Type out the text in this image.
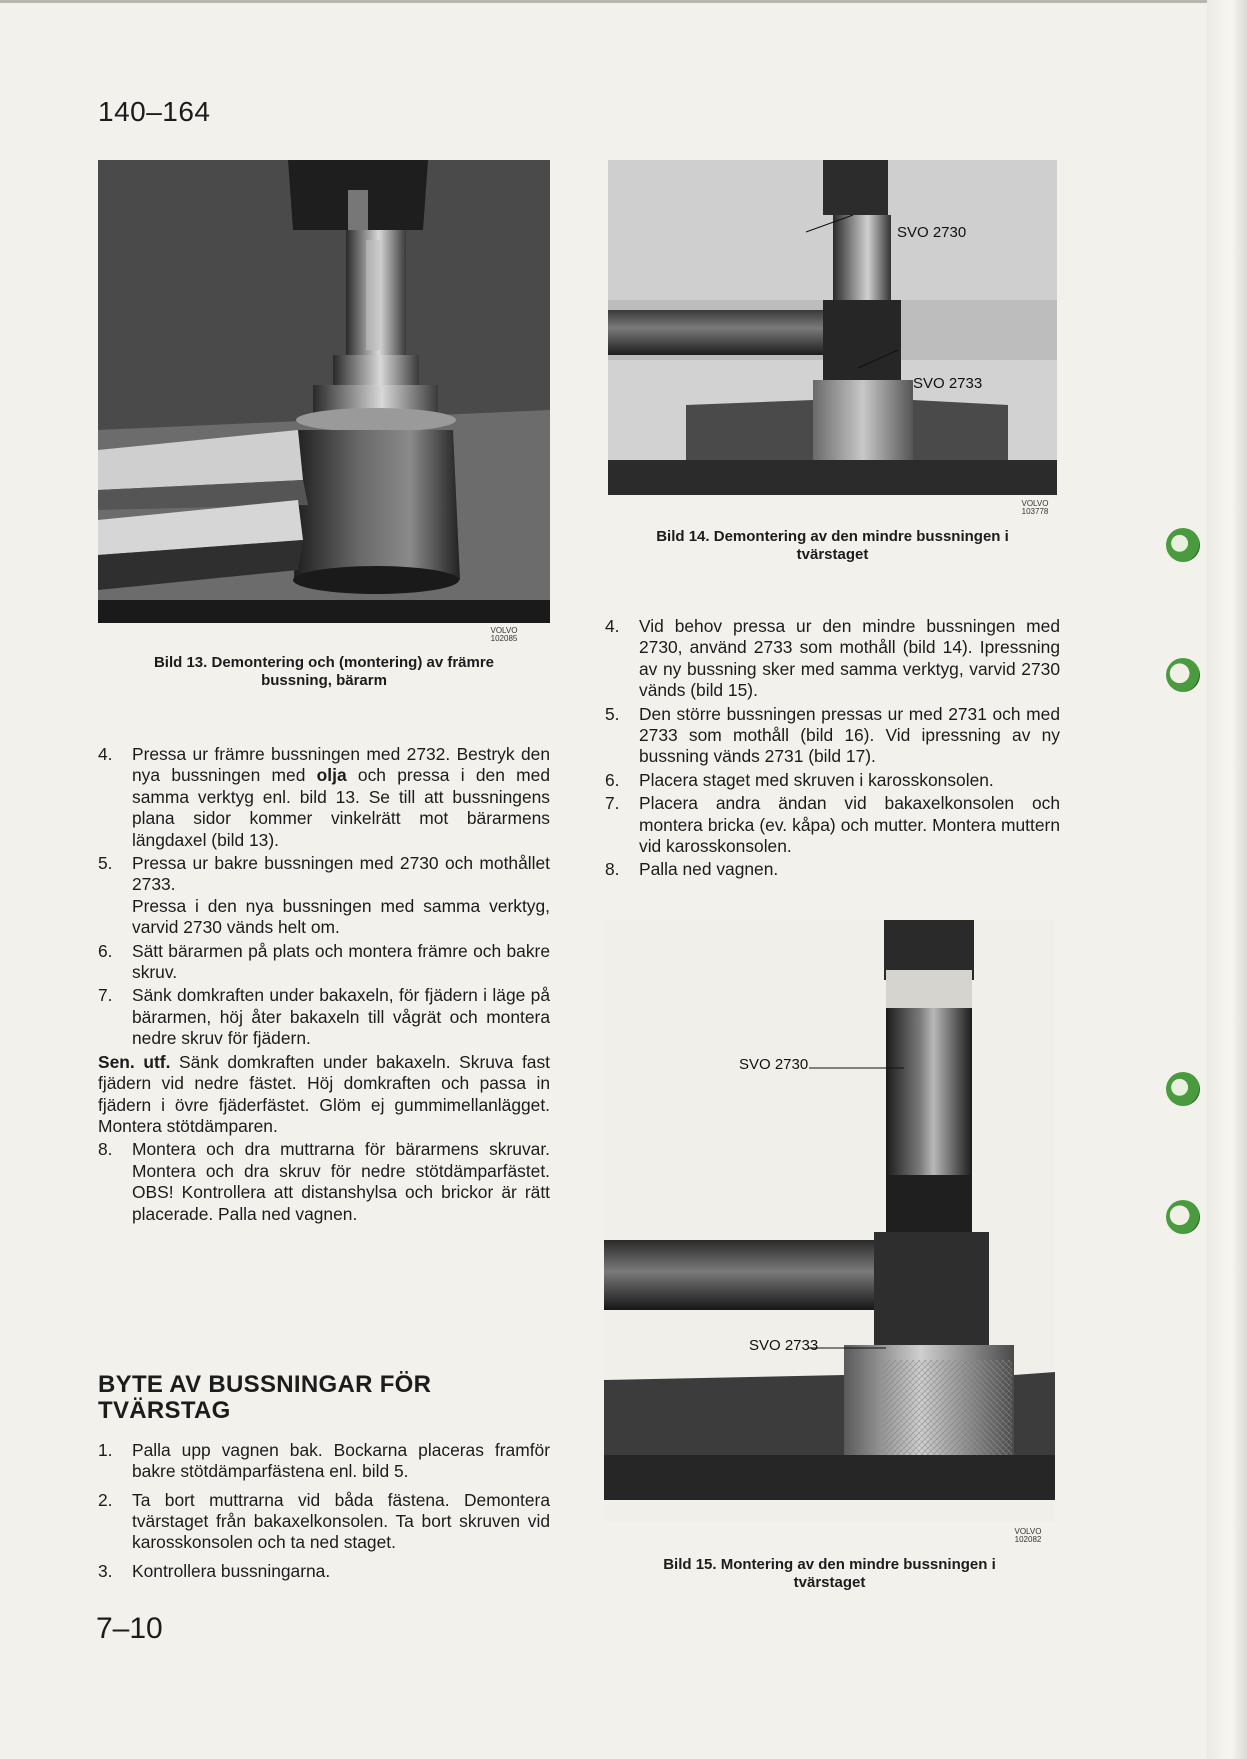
140–164
VOLVO
102085
Bild 13. Demontering och (montering) av främre
bussning, bärarm
SVO 2730
SVO 2733
VOLVO
103778
Bild 14. Demontering av den mindre bussningen i
tvärstaget
4. Pressa ur främre bussningen med 2732. Bestryk den nya bussningen med olja och pressa i den med samma verktyg enl. bild 13. Se till att bussningens plana sidor kommer vinkelrätt mot bärarmens längdaxel (bild 13).
5. Pressa ur bakre bussningen med 2730 och mothållet 2733.
Pressa i den nya bussningen med samma verktyg, varvid 2730 vänds helt om.
6. Sätt bärarmen på plats och montera främre och bakre skruv.
7. Sänk domkraften under bakaxeln, för fjädern i läge på bärarmen, höj åter bakaxeln till vågrät och montera nedre skruv för fjädern.
Sen. utf. Sänk domkraften under bakaxeln. Skruva fast fjädern vid nedre fästet. Höj domkraften och passa in fjädern i övre fjäderfästet. Glöm ej gummimellanlägget. Montera stötdämparen.
8. Montera och dra muttrarna för bärarmens skruvar. Montera och dra skruv för nedre stötdämparfästet. OBS! Kontrollera att distanshylsa och brickor är rätt placerade. Palla ned vagnen.
BYTE AV BUSSNINGAR FÖR
TVÄRSTAG
1. Palla upp vagnen bak. Bockarna placeras framför bakre stötdämparfästena enl. bild 5.
2. Ta bort muttrarna vid båda fästena. Demontera tvärstaget från bakaxelkonsolen. Ta bort skruven vid karosskonsolen och ta ned staget.
3. Kontrollera bussningarna.
4. Vid behov pressa ur den mindre bussningen med 2730, använd 2733 som mothåll (bild 14). Ipressning av ny bussning sker med samma verktyg, varvid 2730 vänds (bild 15).
5. Den större bussningen pressas ur med 2731 och med 2733 som mothåll (bild 16). Vid ipressning av ny bussning vänds 2731 (bild 17).
6. Placera staget med skruven i karosskonsolen.
7. Placera andra ändan vid bakaxelkonsolen och montera bricka (ev. kåpa) och mutter. Montera muttern vid karosskonsolen.
8. Palla ned vagnen.
SVO 2730
SVO 2733
VOLVO
102082
Bild 15. Montering av den mindre bussningen i
tvärstaget
7–10
